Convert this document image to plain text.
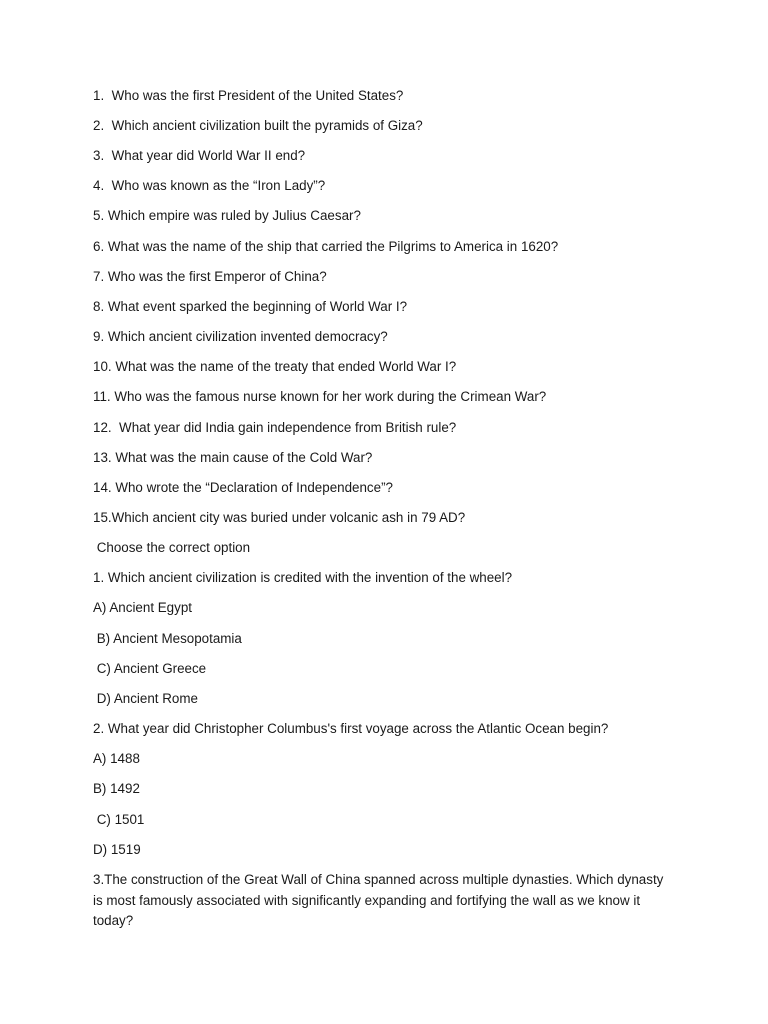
1.  Who was the first President of the United States?
2.  Which ancient civilization built the pyramids of Giza?
3.  What year did World War II end?
4.  Who was known as the “Iron Lady”?
5. Which empire was ruled by Julius Caesar?
6. What was the name of the ship that carried the Pilgrims to America in 1620?
7. Who was the first Emperor of China?
8. What event sparked the beginning of World War I?
9. Which ancient civilization invented democracy?
10. What was the name of the treaty that ended World War I?
11. Who was the famous nurse known for her work during the Crimean War?
12.  What year did India gain independence from British rule?
13. What was the main cause of the Cold War?
14. Who wrote the “Declaration of Independence”?
15.Which ancient city was buried under volcanic ash in 79 AD?
Choose the correct option
1. Which ancient civilization is credited with the invention of the wheel?
A) Ancient Egypt
B) Ancient Mesopotamia
C) Ancient Greece
D) Ancient Rome
2. What year did Christopher Columbus's first voyage across the Atlantic Ocean begin?
A) 1488
B) 1492
C) 1501
D) 1519
3.The construction of the Great Wall of China spanned across multiple dynasties. Which dynasty is most famously associated with significantly expanding and fortifying the wall as we know it today?
